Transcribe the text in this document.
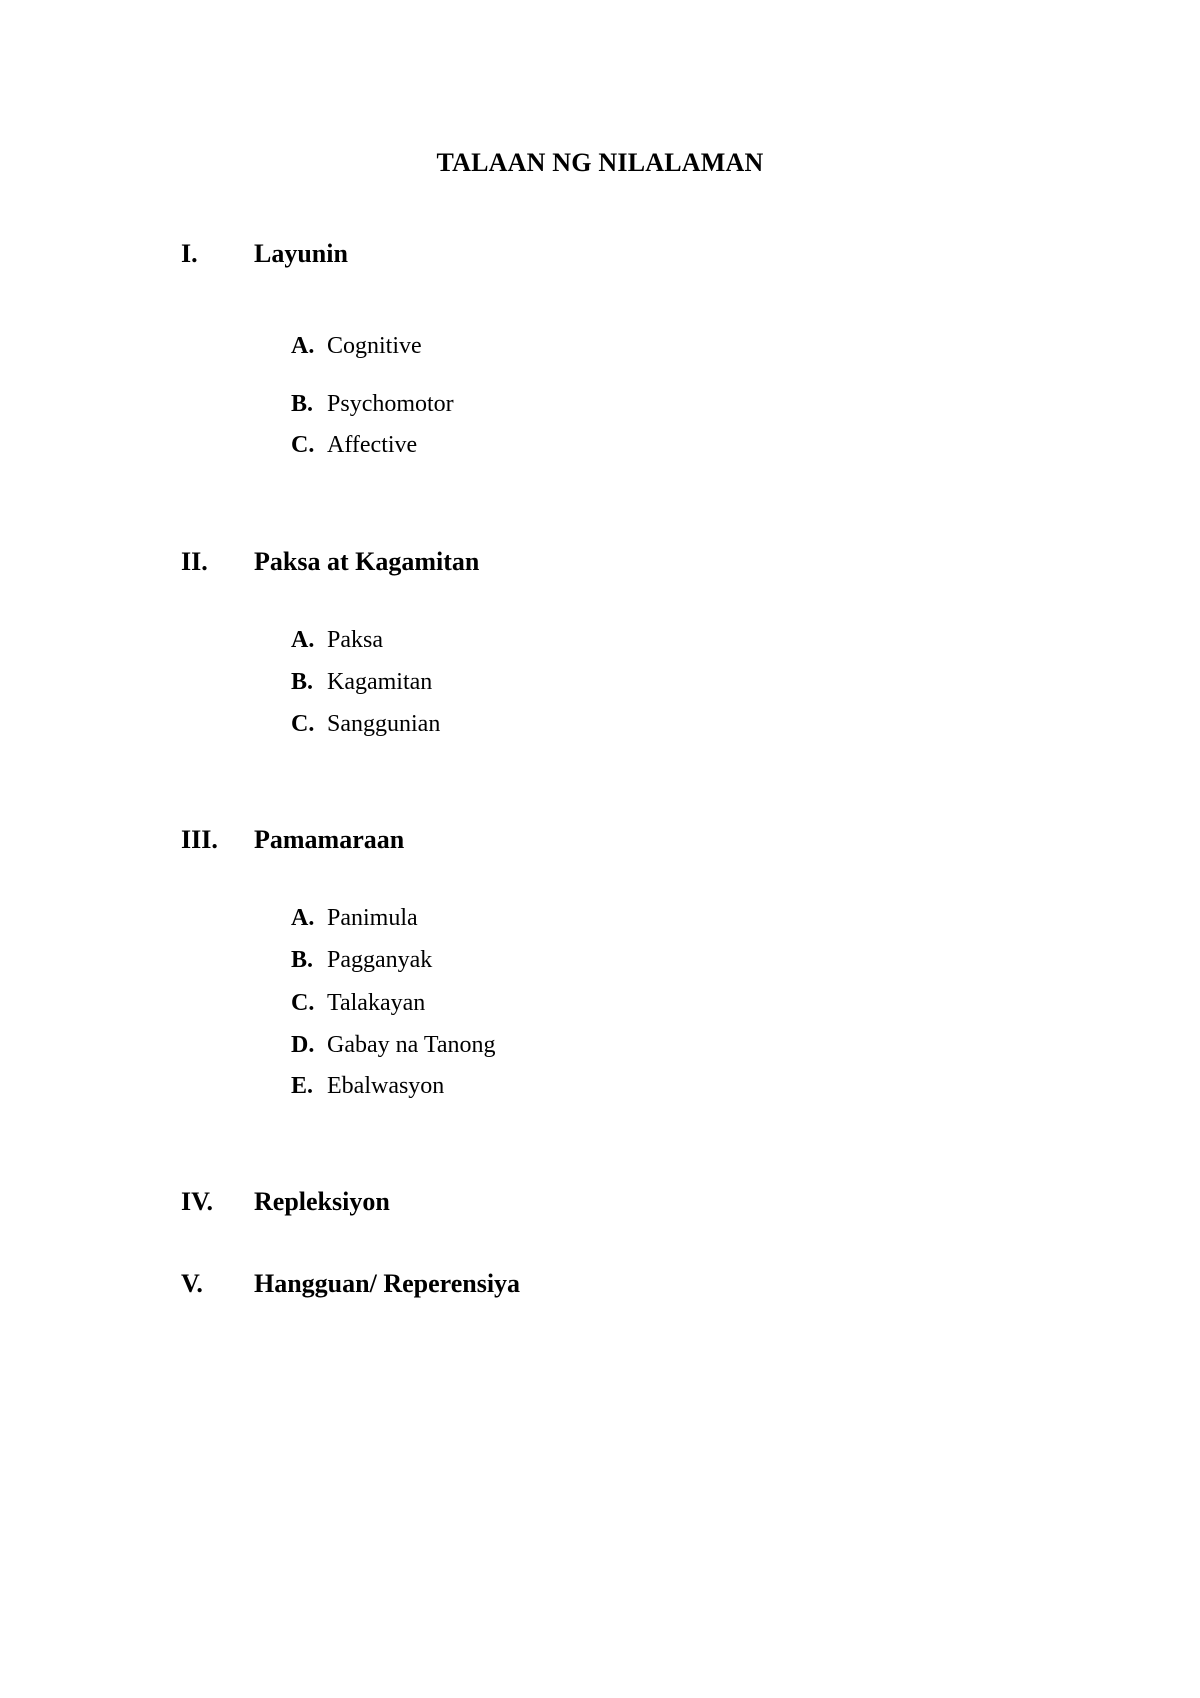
TALAAN NG NILALAMAN
I. Layunin
A. Cognitive
B. Psychomotor
C. Affective
II. Paksa at Kagamitan
A. Paksa
B. Kagamitan
C. Sanggunian
III. Pamamaraan
A. Panimula
B. Pagganyak
C. Talakayan
D. Gabay na Tanong
E. Ebalwasyon
IV. Repleksiyon
V. Hangguan/ Reperensiya
